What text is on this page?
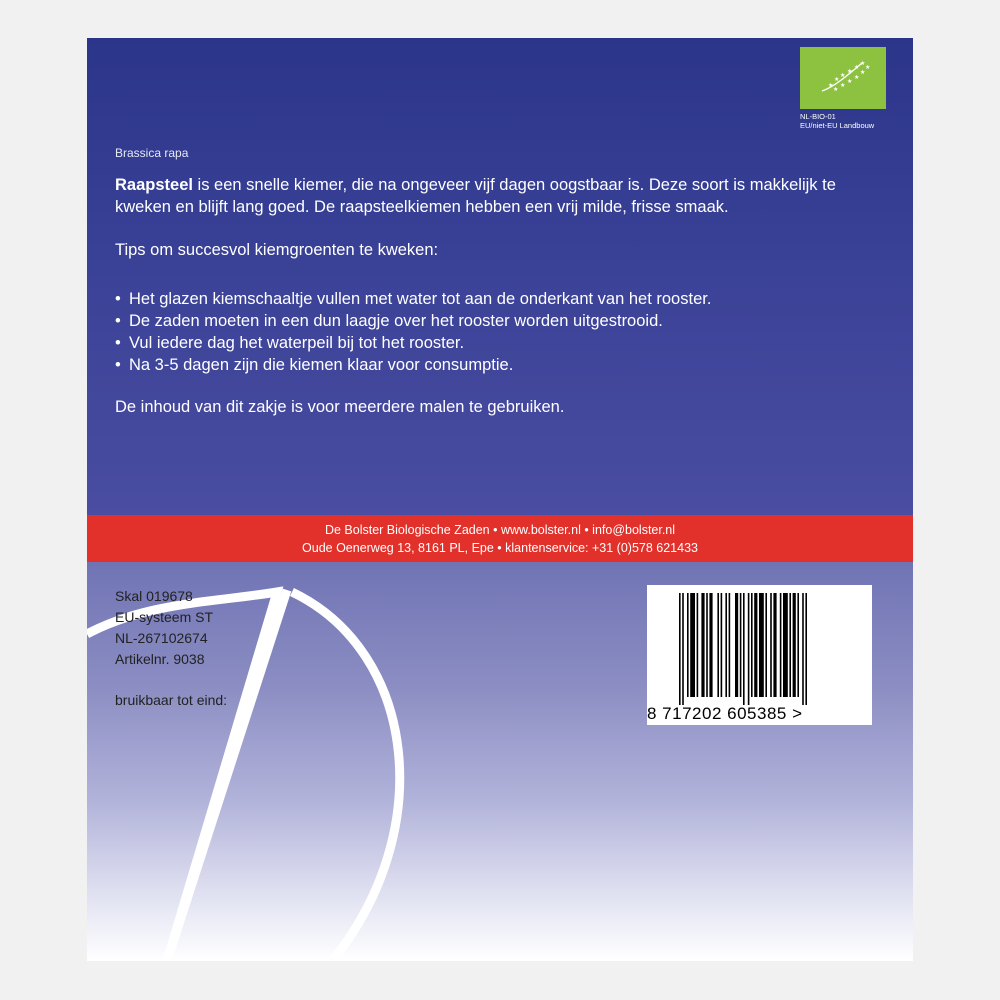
★
★
★
★
★
★
★
★
★
★
★
★
NL-BIO-01
EU/niet-EU Landbouw
Brassica rapa
Raapsteel is een snelle kiemer, die na ongeveer vijf dagen oogstbaar is. Deze soort is makkelijk te kweken en blijft lang goed. De raapsteelkiemen hebben een vrij milde, frisse smaak.
Tips om succesvol kiemgroenten te kweken:
• Het glazen kiemschaaltje vullen met water tot aan de onderkant van het rooster.
• De zaden moeten in een dun laagje over het rooster worden uitgestrooid.
• Vul iedere dag het waterpeil bij tot het rooster.
• Na 3-5 dagen zijn die kiemen klaar voor consumptie.
De inhoud van dit zakje is voor meerdere malen te gebruiken.
De Bolster Biologische Zaden • www.bolster.nl • info@bolster.nl
Oude Oenerweg 13, 8161 PL, Epe • klantenservice: +31 (0)578 621433
Skal 019678
EU-systeem ST
NL-267102674
Artikelnr. 9038
bruikbaar tot eind:
8 717202 605385 >
